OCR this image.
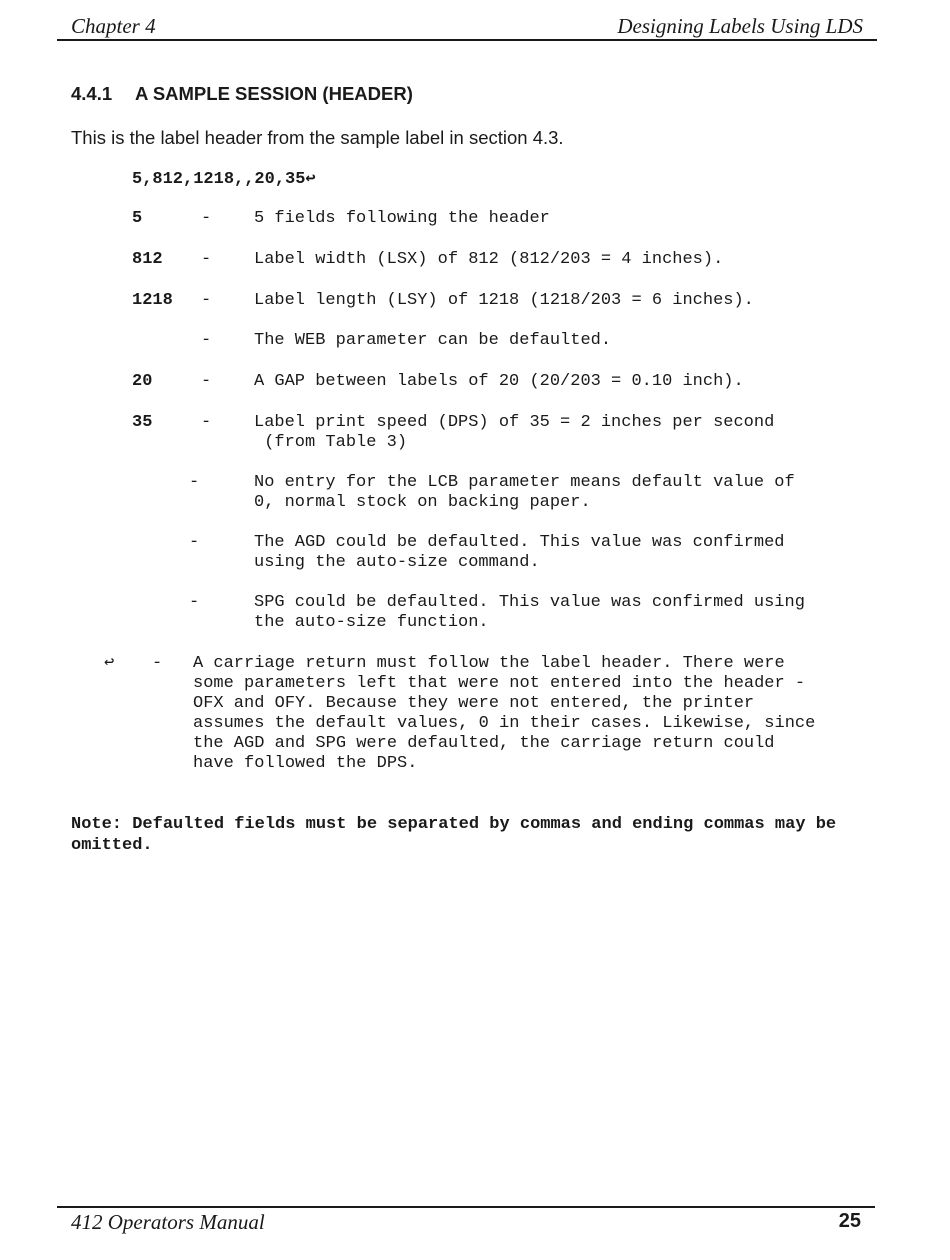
Chapter 4	Designing Labels Using LDS
4.4.1 A SAMPLE SESSION (HEADER)
This is the label header from the sample label in section 4.3.
5,812,1218,,20,35↩
5	-	5 fields following the header
812 -	Label width (LSX) of 812 (812/203 = 4 inches).
1218 -	Label length (LSY) of 1218 (1218/203 = 6 inches).
-	The WEB parameter can be defaulted.
20	-	A GAP between labels of 20 (20/203 = 0.10 inch).
35	-	Label print speed (DPS) of 35 = 2 inches per second
(from Table 3)
-	No entry for the LCB parameter means default value of
0, normal stock on backing paper.
-	The AGD could be defaulted. This value was confirmed
using the auto-size command.
-	SPG could be defaulted. This value was confirmed using
the auto-size function.
↩ - A carriage return must follow the label header. There were
some parameters left that were not entered into the header -
OFX and OFY. Because they were not entered, the printer
assumes the default values, 0 in their cases. Likewise, since
the AGD and SPG were defaulted, the carriage return could
have followed the DPS.
Note: Defaulted fields must be separated by commas and ending commas may be omitted.
412 Operators Manual	25
